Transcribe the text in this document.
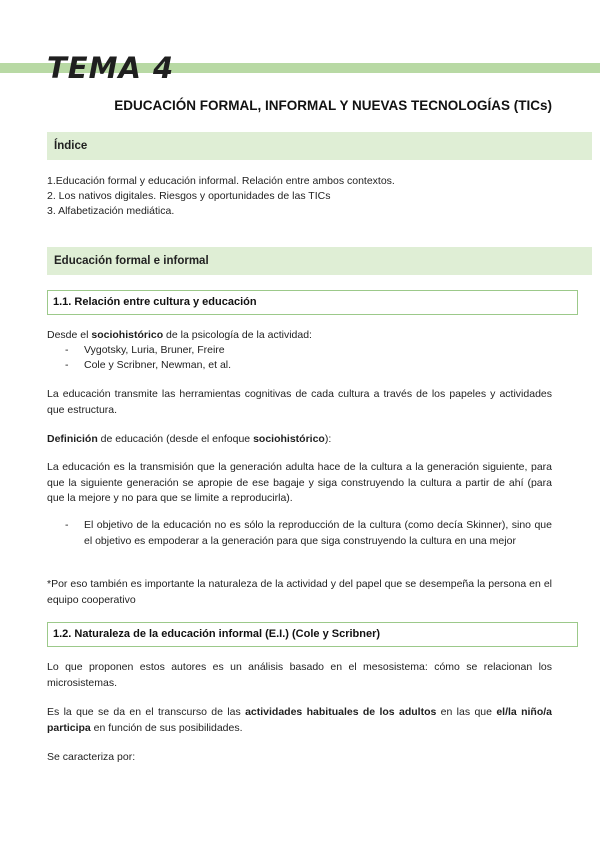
TEMA 4
EDUCACIÓN FORMAL, INFORMAL Y NUEVAS TECNOLOGÍAS (TICs)
Índice

1.Educación formal y educación informal. Relación entre ambos contextos.

2. Los nativos digitales. Riesgos y oportunidades de las TICs

3. Alfabetización mediática.

Educación formal e informal
1.1. Relación entre cultura y educación

Desde el sociohistórico de la psicología de la actividad:

- Vygotsky, Luria, Bruner, Freire

- Cole y Scribner, Newman, et al.

La educación transmite las herramientas cognitivas de cada cultura a través de los papeles y actividades que estructura.

Definición de educación (desde el enfoque sociohistórico):

La educación es la transmisión que la generación adulta hace de la cultura a la generación siguiente, para que la siguiente generación se apropie de ese bagaje y siga construyendo la cultura a partir de ahí (para que la mejore y no para que se limite a reproducirla).

- El objetivo de la educación no es sólo la reproducción de la cultura (como decía Skinner), sino que el objetivo es empoderar a la generación para que siga construyendo la cultura en una mejor

*Por eso también es importante la naturaleza de la actividad y del papel que se desempeña la persona en el equipo cooperativo

1.2. Naturaleza de la educación informal (E.I.) (Cole y Scribner)

Lo que proponen estos autores es un análisis basado en el mesosistema: cómo se relacionan los microsistemas.

Es la que se da en el transcurso de las actividades habituales de los adultos en las que el/la niño/a participa en función de sus posibilidades.

Se caracteriza por:
